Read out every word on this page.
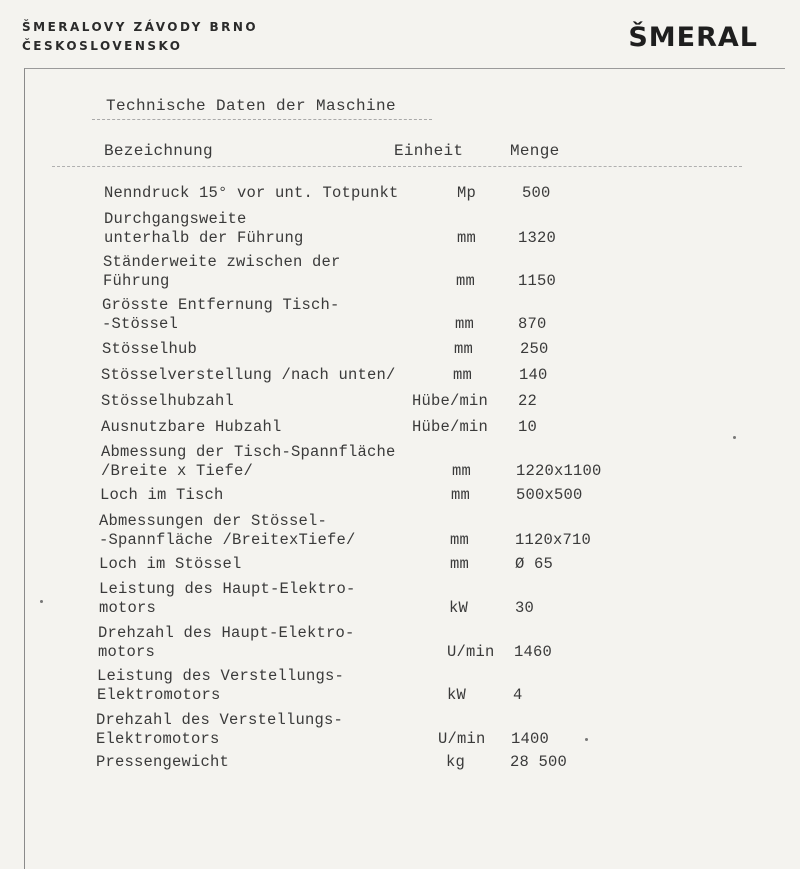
ŠMERALOVY ZÁVODY BRNO
ČESKOSLOVENSKO	ŠMERAL
Technische Daten der Maschine
Bezeichnung	Einheit	Menge
Nenndruck 15° vor unt. Totpunkt	Mp	500
Durchgangsweite
unterhalb der Führung	mm	1320
Ständerweite zwischen der
Führung	mm	1150
Grösste Entfernung Tisch-
-Stössel	mm	870
Stösselhub	mm	250
Stösselverstellung /nach unten/	mm	140
Stösselhubzahl	Hübe/min 22
Ausnutzbare Hubzahl	Hübe/min 10
Abmessung der Tisch-Spannfläche /Breite x Tiefe/	mm	1220x1100
Loch im Tisch	mm	500x500
Abmessungen der Stössel-
-Spannfläche /BreitexTiefe/	mm	1120x710
Loch im Stössel	mm	Ø 65
Leistung des Haupt-Elektro-
motors	kW	30
Drehzahl des Haupt-Elektro-
motors	U/min 1460
Leistung des Verstellungs-
Elektromotors	kW	4
Drehzahl des Verstellungs-
Elektromotors	U/min 1400
Pressengewicht	kg	28 500
